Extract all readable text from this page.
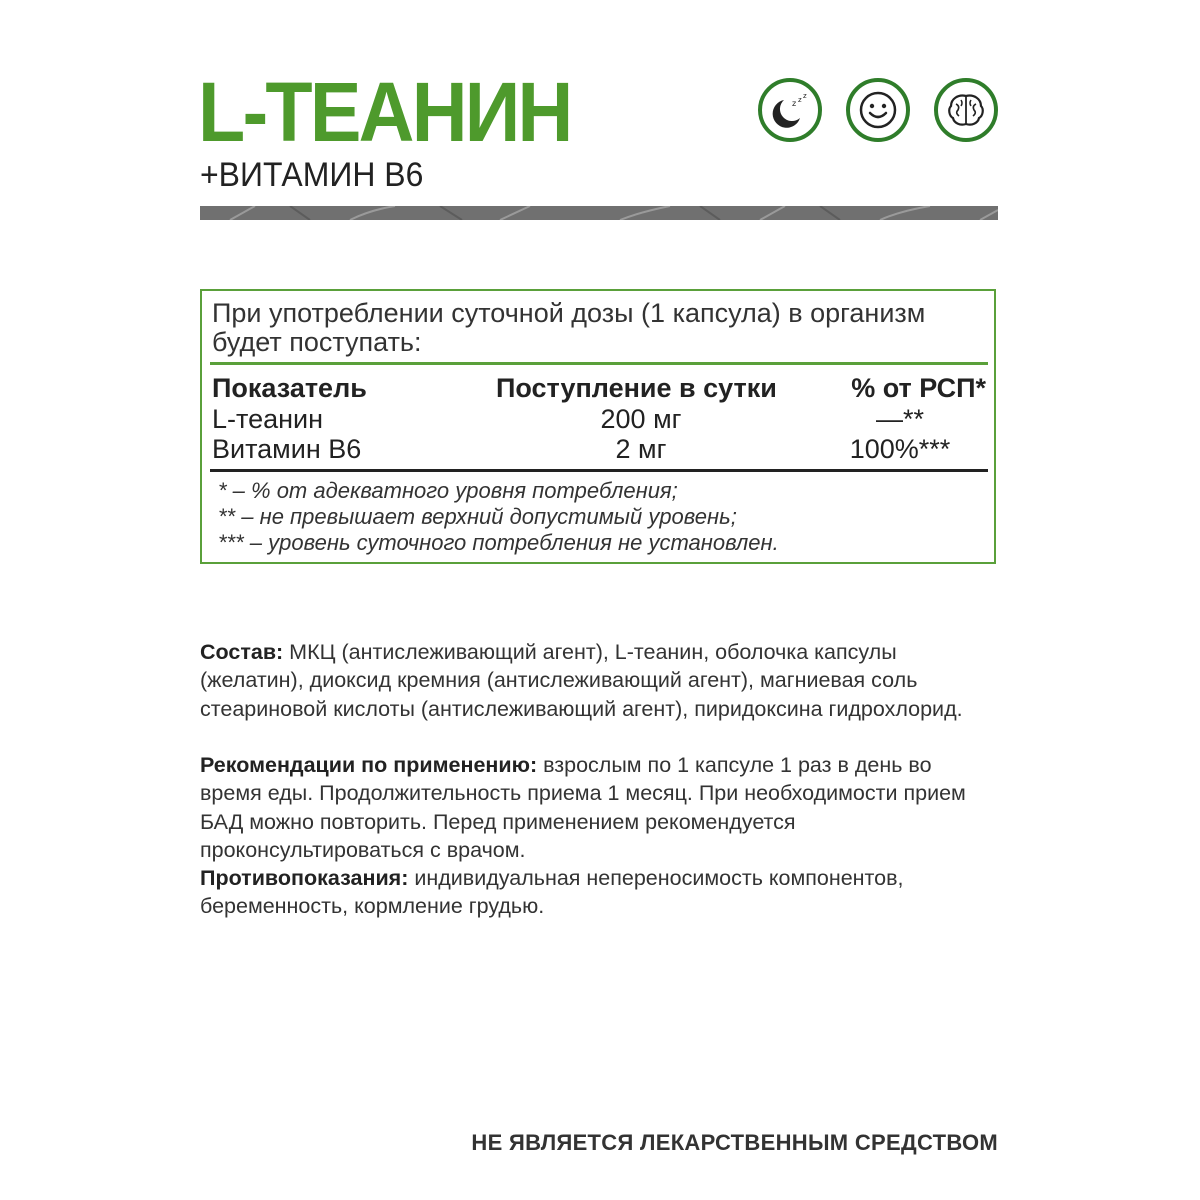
L-ТЕАНИН
+ВИТАМИН В6
z z z
При употреблении суточной дозы (1 капсула) в организм будет поступать:
Показатель	Поступление в сутки	% от РСП*
L-теанин	200 мг	—**
Витамин В6	2 мг	100%***
* – % от адекватного уровня потребления;
** – не превышает верхний допустимый уровень;
*** – уровень суточного потребления не установлен.

Состав: МКЦ (антислеживающий агент), L-теанин, оболочка капсулы (желатин), диоксид кремния (антислеживающий агент), магниевая соль стеариновой кислоты (антислеживающий агент), пиридоксина гидрохлорид.

Рекомендации по применению: взрослым по 1 капсуле 1 раз в день во время еды. Продолжительность приема 1 месяц. При необходимости прием БАД можно повторить. Перед применением рекомендуется проконсультироваться с врачом.

Противопоказания: индивидуальная непереносимость компонентов, беременность, кормление грудью.

НЕ ЯВЛЯЕТСЯ ЛЕКАРСТВЕННЫМ СРЕДСТВОМ
